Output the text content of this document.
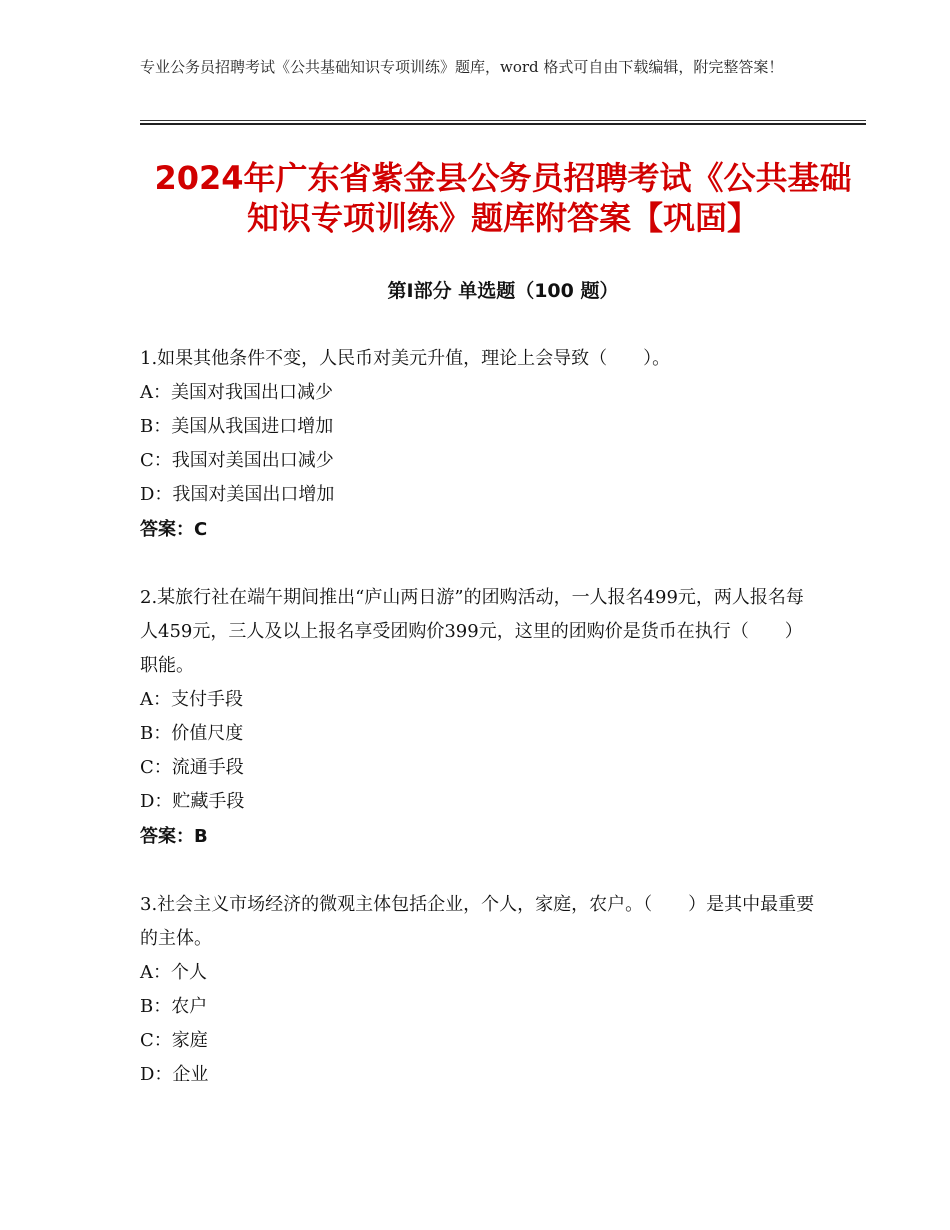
专业公务员招聘考试《公共基础知识专项训练》题库，word 格式可自由下载编辑，附完整答案！
2024年广东省紫金县公务员招聘考试《公共基础知识专项训练》题库附答案【巩固】
第Ⅰ部分 单选题（100 题）
1.如果其他条件不变，人民币对美元升值，理论上会导致（　　）。
A：美国对我国出口减少
B：美国从我国进口增加
C：我国对美国出口减少
D：我国对美国出口增加
答案：C
2.某旅行社在端午期间推出“庐山两日游”的团购活动，一人报名499元，两人报名每人459元，三人及以上报名享受团购价399元，这里的团购价是货币在执行（　　）职能。
A：支付手段
B：价值尺度
C：流通手段
D：贮藏手段
答案：B
3.社会主义市场经济的微观主体包括企业，个人，家庭，农户。（　　）是其中最重要的主体。
A：个人
B：农户
C：家庭
D：企业
